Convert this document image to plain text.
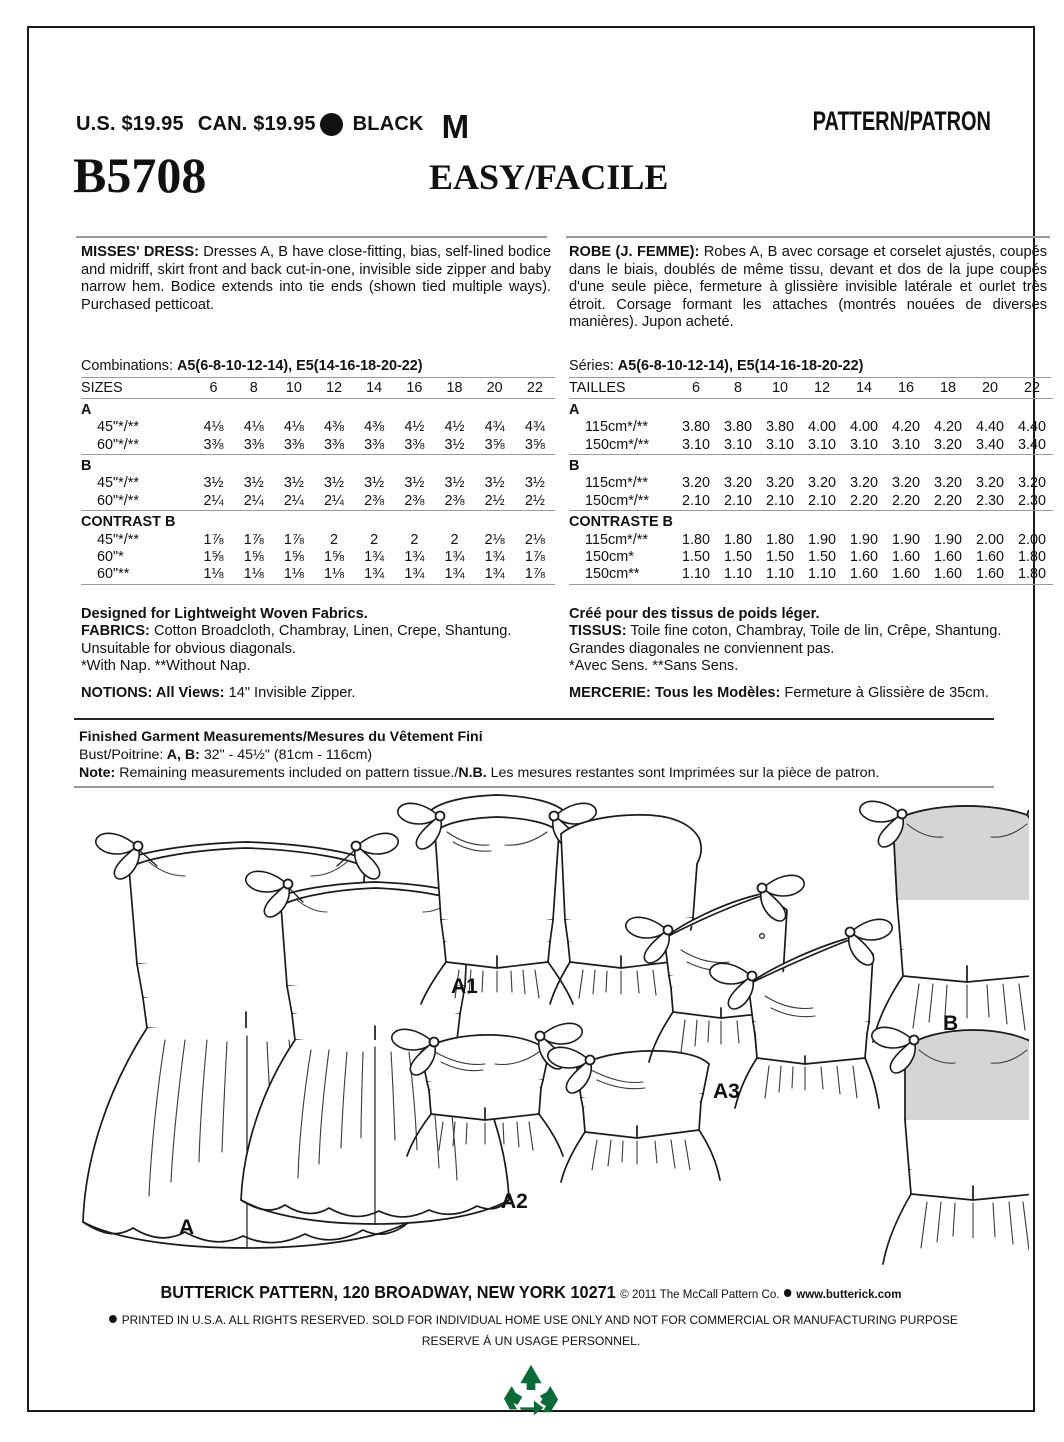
U.S. $19.95 CAN. $19.95 BLACK M	PATTERN/PATRON
B5708	EASY/FACILE
MISSES' DRESS: Dresses A, B have close-fitting, bias, self-lined bodice and midriff, skirt front and back cut-in-one, invisible side zipper and baby narrow hem. Bodice extends into tie ends (shown tied multiple ways). Purchased petticoat.
ROBE (J. FEMME): Robes A, B avec corsage et corselet ajustés, coupés dans le biais, doublés de même tissu, devant et dos de la jupe coupés d'une seule pièce, fermeture à glissière invisible latérale et ourlet très étroit. Corsage formant les attaches (montrés nouées de diverses manières). Jupon acheté.
Combinations: A5(6-8-10-12-14), E5(14-16-18-20-22)
SIZES	6	8	10	12	14	16	18	20	22

A									
45"*/**	4⅛	4⅛	4⅛	4⅜	4⅜	4½	4½	4¾	4¾
60"*/**	3⅜	3⅜	3⅜	3⅜	3⅜	3⅜	3½	3⅝	3⅝

B									
45"*/**	3½	3½	3½	3½	3½	3½	3½	3½	3½
60"*/**	2¼	2¼	2¼	2¼	2⅜	2⅜	2⅜	2½	2½

CONTRAST B									
45"*/**	1⅞	1⅞	1⅞	2	2	2	2	2⅛	2⅛
60"*	1⅝	1⅝	1⅝	1⅝	1¾	1¾	1¾	1¾	1⅞
60"**	1⅛	1⅛	1⅛	1⅛	1¾	1¾	1¾	1¾	1⅞

Séries: A5(6-8-10-12-14), E5(14-16-18-20-22)
TAILLES	6	8	10	12	14	16	18	20	22

A									
115cm*/**	3.80	3.80	3.80	4.00	4.00	4.20	4.20	4.40	4.40
150cm*/**	3.10	3.10	3.10	3.10	3.10	3.10	3.20	3.40	3.40

B									
115cm*/**	3.20	3.20	3.20	3.20	3.20	3.20	3.20	3.20	3.20
150cm*/**	2.10	2.10	2.10	2.10	2.20	2.20	2.20	2.30	2.30

CONTRASTE B									
115cm*/**	1.80	1.80	1.80	1.90	1.90	1.90	1.90	2.00	2.00
150cm*	1.50	1.50	1.50	1.50	1.60	1.60	1.60	1.60	1.80
150cm**	1.10	1.10	1.10	1.10	1.60	1.60	1.60	1.60	1.80

Designed for Lightweight Woven Fabrics.
FABRICS: Cotton Broadcloth, Chambray, Linen, Crepe, Shantung. Unsuitable for obvious diagonals.
*With Nap. **Without Nap.
NOTIONS: All Views: 14" Invisible Zipper.
Créé pour des tissus de poids léger.
TISSUS: Toile fine coton, Chambray, Toile de lin, Crêpe, Shantung. Grandes diagonales ne conviennent pas.
*Avec Sens. **Sans Sens.
MERCERIE: Tous les Modèles: Fermeture à Glissière de 35cm.
Finished Garment Measurements/Mesures du Vêtement Fini
Bust/Poitrine: A, B: 32" - 45½" (81cm - 116cm)
Note: Remaining measurements included on pattern tissue./N.B. Les mesures restantes sont Imprimées sur la pièce de patron.
A
A1
A2
A3
B
BUTTERICK PATTERN, 120 BROADWAY, NEW YORK 10271 © 2011 The McCall Pattern Co. www.butterick.com
PRINTED IN U.S.A. ALL RIGHTS RESERVED. SOLD FOR INDIVIDUAL HOME USE ONLY AND NOT FOR COMMERCIAL OR MANUFACTURING PURPOSE
RESERVE Á UN USAGE PERSONNEL.
